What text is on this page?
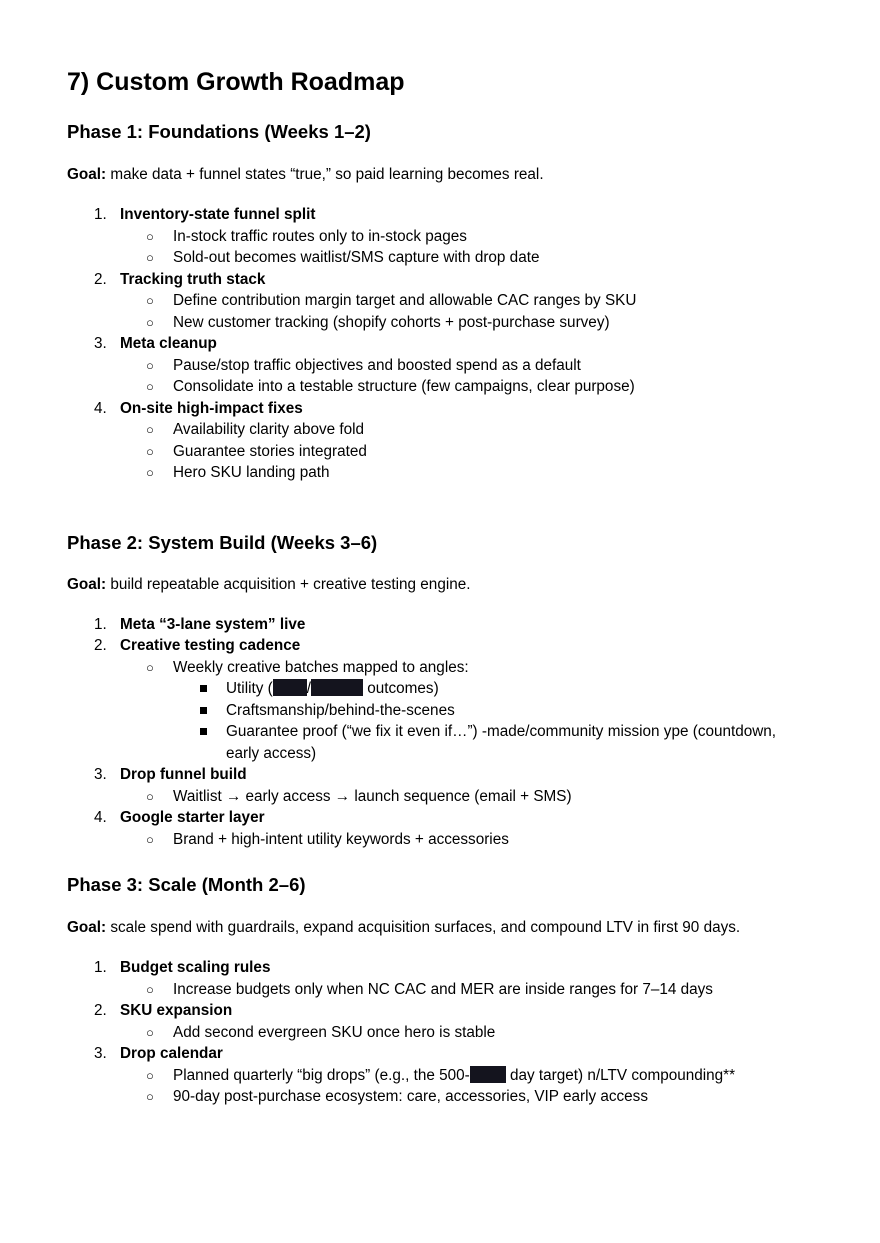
7) Custom Growth Roadmap
Phase 1: Foundations (Weeks 1–2)

Goal: make data + funnel states “true,” so paid learning becomes real.

1. Inventory-state funnel split
○ In-stock traffic routes only to in-stock pages
○ Sold-out becomes waitlist/SMS capture with drop date
2. Tracking truth stack
○ Define contribution margin target and allowable CAC ranges by SKU
○ New customer tracking (shopify cohorts + post-purchase survey)
3. Meta cleanup
○ Pause/stop traffic objectives and boosted spend as a default
○ Consolidate into a testable structure (few campaigns, clear purpose)
4. On-site high-impact fixes
○ Availability clarity above fold
○ Guarantee stories integrated
○ Hero SKU landing path
Phase 2: System Build (Weeks 3–6)

Goal: build repeatable acquisition + creative testing engine.

1. Meta “3-lane system” live
2. Creative testing cadence
○ Weekly creative batches mapped to angles:
Utility ( /	outcomes)
Craftsmanship/behind-the-scenes
Guarantee proof (“we fix it even if…”) -made/community mission ype (countdown,
early access)
3. Drop funnel build
○ Waitlist → early access → launch sequence (email + SMS)
4. Google starter layer
○ Brand + high-intent utility keywords + accessories
Phase 3: Scale (Month 2–6)

Goal: scale spend with guardrails, expand acquisition surfaces, and compound LTV in first 90 days.

1. Budget scaling rules
○ Increase budgets only when NC CAC and MER are inside ranges for 7–14 days
2. SKU expansion
○ Add second evergreen SKU once hero is stable
3. Drop calendar
○ Planned quarterly “big drops” (e.g., the 500- day target) n/LTV compounding**
○ 90-day post-purchase ecosystem: care, accessories, VIP early access
